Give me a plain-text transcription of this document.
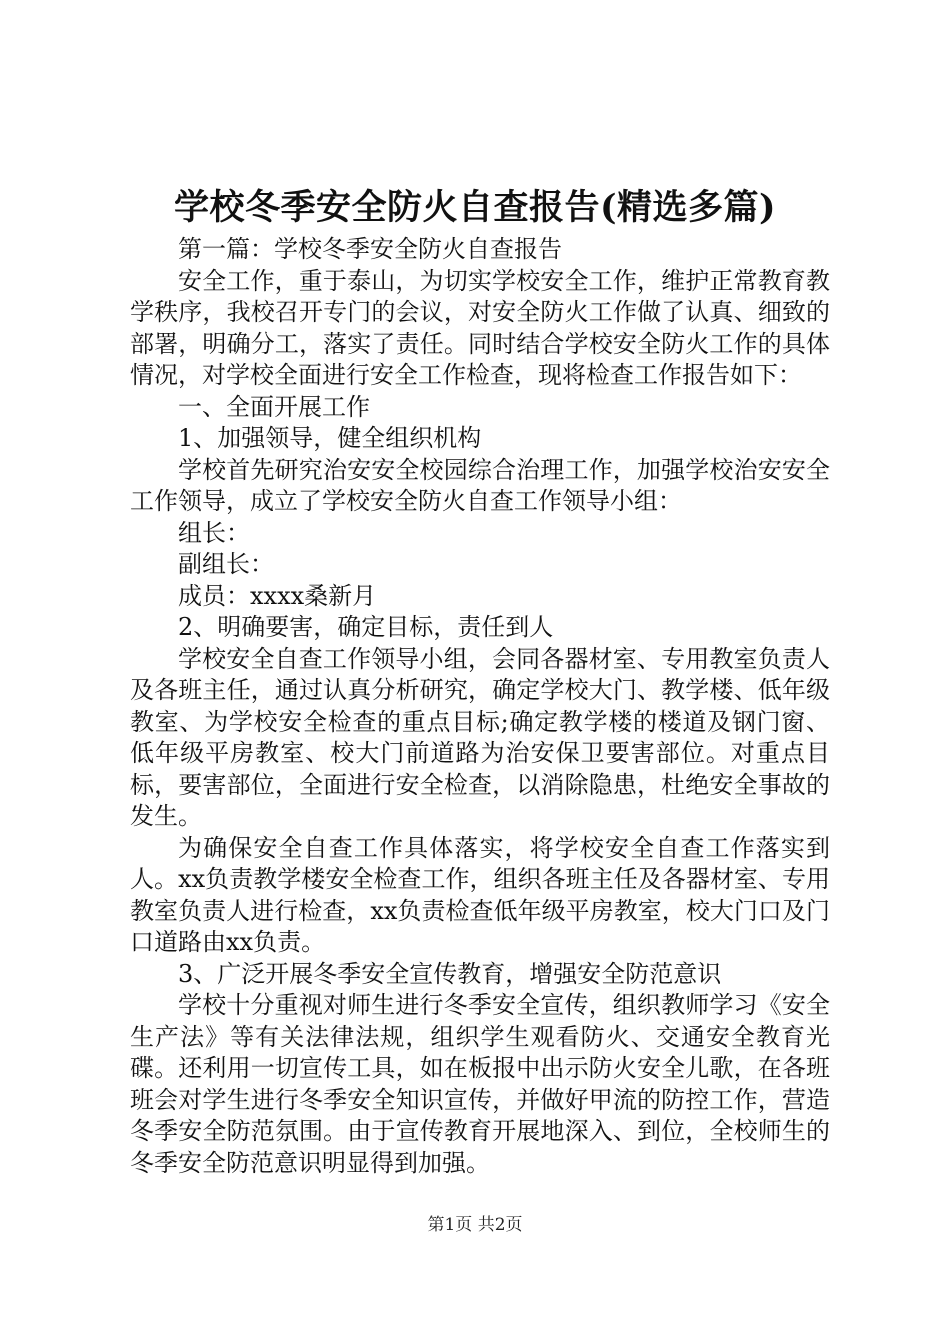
学校冬季安全防火自查报告(精选多篇)

第一篇：学校冬季安全防火自查报告

安全工作，重于泰山，为切实学校安全工作，维护正常教育教学秩序，我校召开专门的会议，对安全防火工作做了认真、细致的部署，明确分工，落实了责任。同时结合学校安全防火工作的具体情况，对学校全面进行安全工作检查，现将检查工作报告如下：

一、全面开展工作

1、加强领导，健全组织机构

学校首先研究治安安全校园综合治理工作，加强学校治安安全工作领导，成立了学校安全防火自查工作领导小组：

组长：

副组长：

成员：xxxx桑新月

2、明确要害，确定目标，责任到人

学校安全自查工作领导小组，会同各器材室、专用教室负责人及各班主任，通过认真分析研究，确定学校大门、教学楼、低年级教室、为学校安全检查的重点目标;确定教学楼的楼道及钢门窗、低年级平房教室、校大门前道路为治安保卫要害部位。对重点目标，要害部位，全面进行安全检查，以消除隐患，杜绝安全事故的发生。

为确保安全自查工作具体落实，将学校安全自查工作落实到人。xx负责教学楼安全检查工作，组织各班主任及各器材室、专用教室负责人进行检查，xx负责检查低年级平房教室，校大门口及门口道路由xx负责。

3、广泛开展冬季安全宣传教育，增强安全防范意识

学校十分重视对师生进行冬季安全宣传，组织教师学习《安全生产法》等有关法律法规，组织学生观看防火、交通安全教育光碟。还利用一切宣传工具，如在板报中出示防火安全儿歌，在各班班会对学生进行冬季安全知识宣传，并做好甲流的防控工作，营造冬季安全防范氛围。由于宣传教育开展地深入、到位，全校师生的冬季安全防范意识明显得到加强。

第1页 共2页
